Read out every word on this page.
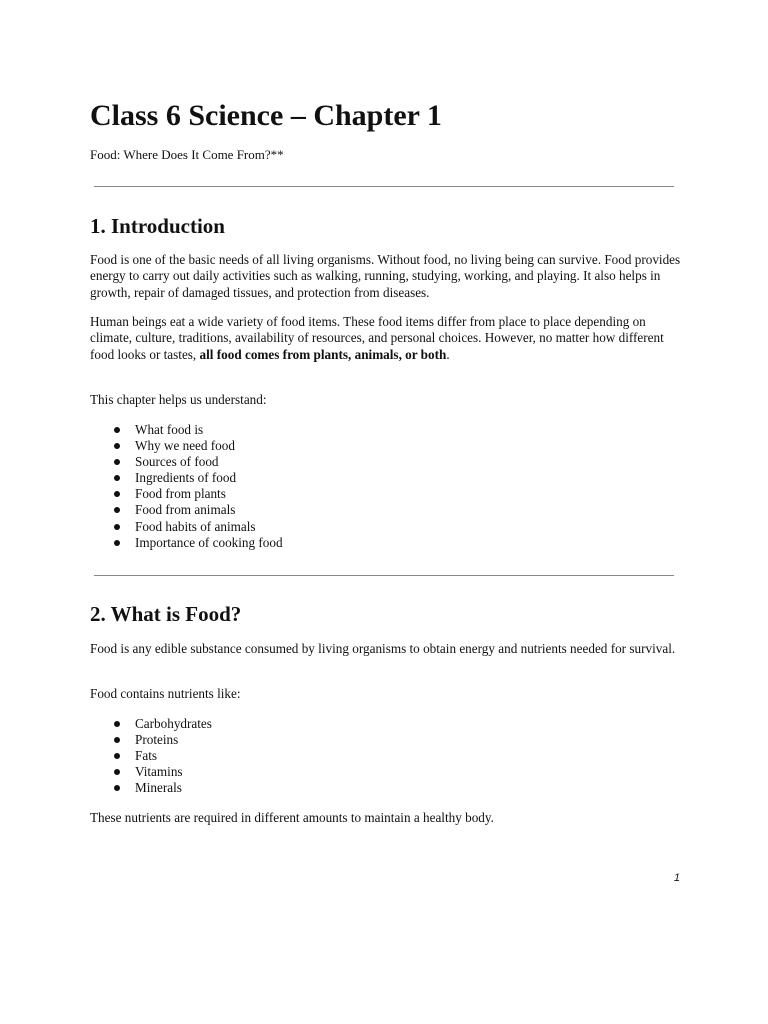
Class 6 Science – Chapter 1

Food: Where Does It Come From?**

1. Introduction

Food is one of the basic needs of all living organisms. Without food, no living being can survive. Food provides energy to carry out daily activities such as walking, running, studying, working, and playing. It also helps in growth, repair of damaged tissues, and protection from diseases.

Human beings eat a wide variety of food items. These food items differ from place to place depending on climate, culture, traditions, availability of resources, and personal choices. However, no matter how different food looks or tastes, all food comes from plants, animals, or both.

This chapter helps us understand:

What food is
Why we need food
Sources of food
Ingredients of food
Food from plants
Food from animals
Food habits of animals
Importance of cooking food
2. What is Food?

Food is any edible substance consumed by living organisms to obtain energy and nutrients needed for survival.

Food contains nutrients like:

Carbohydrates
Proteins
Fats
Vitamins
Minerals

These nutrients are required in different amounts to maintain a healthy body.

1
